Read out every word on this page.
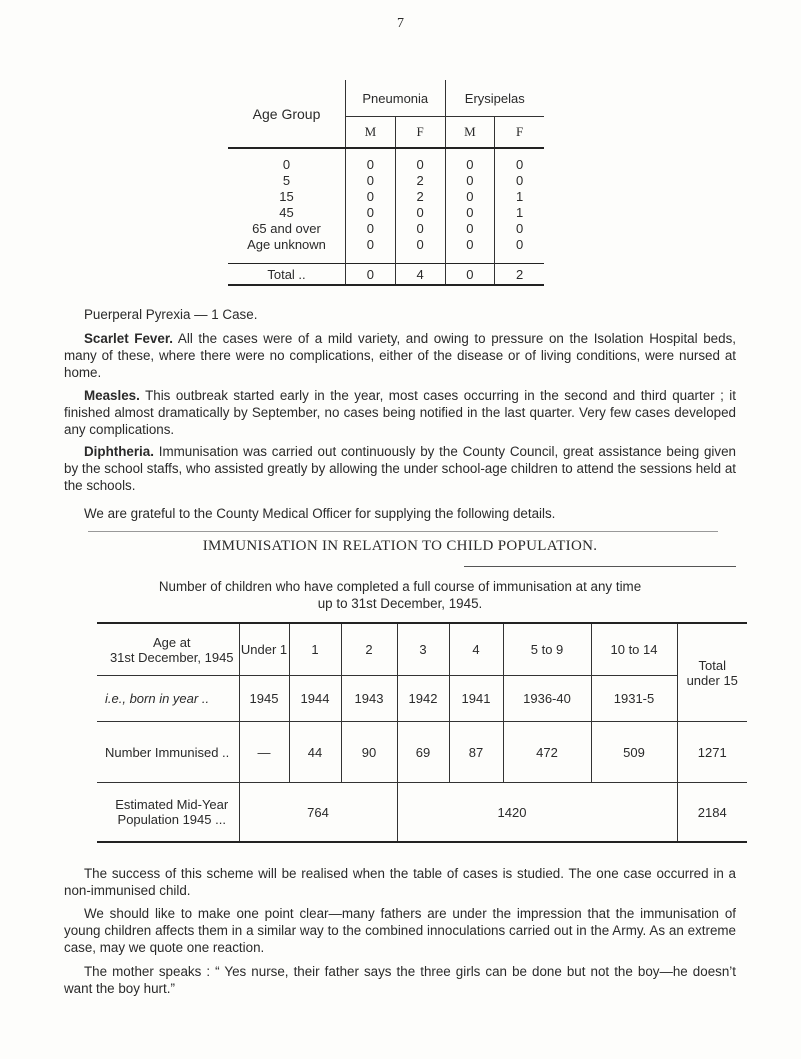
7
Age Group	Pneumonia		Erysipelas	
	M	F	M	F
0	0	0	0	0
5	0	2	0	0
15	0	2	0	1
45	0	0	0	1
65 and over	0	0	0	0
Age unknown	0	0	0	0
Total ..	0	4	0	2
Puerperal Pyrexia — 1 Case.
Scarlet Fever. All the cases were of a mild variety, and owing to pressure on the Isolation Hospital beds, many of these, where there were no complications, either of the disease or of living conditions, were nursed at home.
Measles. This outbreak started early in the year, most cases occurring in the second and third quarter ; it finished almost dramatically by September, no cases being notified in the last quarter. Very few cases developed any complications.
Diphtheria. Immunisation was carried out continuously by the County Council, great assistance being given by the school staffs, who assisted greatly by allowing the under school-age children to attend the sessions held at the schools.
We are grateful to the County Medical Officer for supplying the following details.
IMMUNISATION IN RELATION TO CHILD POPULATION.
Number of children who have completed a full course of immunisation at any time
up to 31st December, 1945.
Age at
31st December, 1945	Under 1	1	2	3	4	5 to 9	10 to 14	Total
under 15

i.e., born in year ..	1945	1944	1943	1942	1941	1936-40	1931-5	
Number Immunised ..	—	44	90	69	87	472	509	1271

Estimated Mid-Year
Population 1945 ...	764			1420				2184
The success of this scheme will be realised when the table of cases is studied. The one case occurred in a non-immunised child.
We should like to make one point clear—many fathers are under the impression that the immunisation of young children affects them in a similar way to the combined innoculations carried out in the Army. As an extreme case, may we quote one reaction.
The mother speaks : “ Yes nurse, their father says the three girls can be done but not the boy—he doesn’t want the boy hurt.”
